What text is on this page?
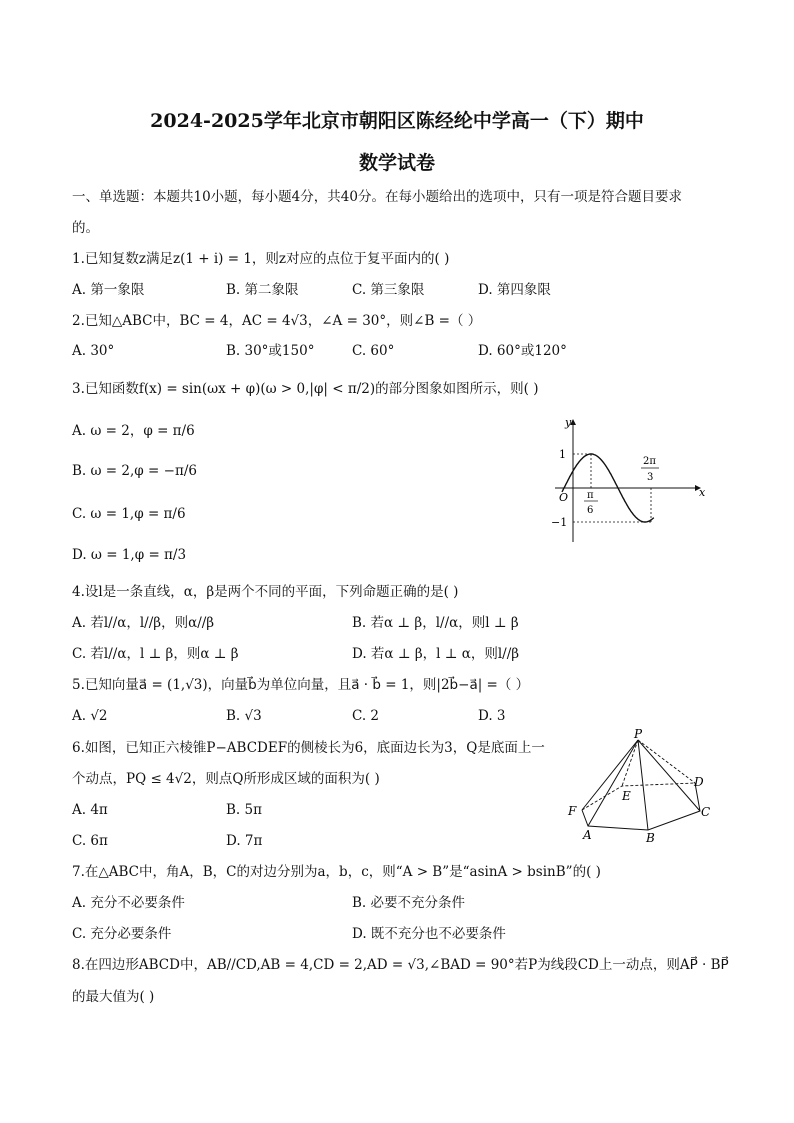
2024-2025学年北京市朝阳区陈经纶中学高一（下）期中
数学试卷
一、单选题：本题共10小题，每小题4分，共40分。在每小题给出的选项中，只有一项是符合题目要求
的。
1.已知复数z满足z(1 + i) = 1，则z对应的点位于复平面内的( )
A. 第一象限	B. 第二象限	C. 第三象限	D. 第四象限
2.已知△ABC中，BC = 4，AC = 4√3，∠A = 30°，则∠B =（ ）
A. 30°	B. 30°或150°	C. 60°	D. 60°或120°
3.已知函数f(x) = sin(ωx + φ)(ω > 0,|φ| < π/2)的部分图象如图所示，则( )
A. ω = 2，φ = π/6
B. ω = 2,φ = −π/6
C. ω = 1,φ = π/6
D. ω = 1,φ = π/3
y
x
O
1
−1
π
6
2π
3
4.设l是一条直线，α，β是两个不同的平面，下列命题正确的是( )
A. 若l//α，l//β，则α//β	B. 若α ⊥ β，l//α，则l ⊥ β
C. 若l//α，l ⊥ β，则α ⊥ β	D. 若α ⊥ β，l ⊥ α，则l//β
5.已知向量a⃗ = (1,√3)，向量b⃗为单位向量，且a⃗ · b⃗ = 1，则|2b⃗−a⃗| =（ ）
A. √2	B. √3	C. 2	D. 3
6.如图，已知正六棱锥P−ABCDEF的侧棱长为6，底面边长为3，Q是底面上一
个动点，PQ ≤ 4√2，则点Q所形成区域的面积为( )
A. 4π	B. 5π
C. 6π	D. 7π
P
A	B
C
D
E
F
7.在△ABC中，角A，B，C的对边分别为a，b，c，则“A > B”是“asinA > bsinB”的( )
A. 充分不必要条件	B. 必要不充分条件
C. 充分必要条件	D. 既不充分也不必要条件
8.在四边形ABCD中，AB//CD,AB = 4,CD = 2,AD = √3,∠BAD = 90°若P为线段CD上一动点，则AP⃗ · BP⃗
的最大值为( )
